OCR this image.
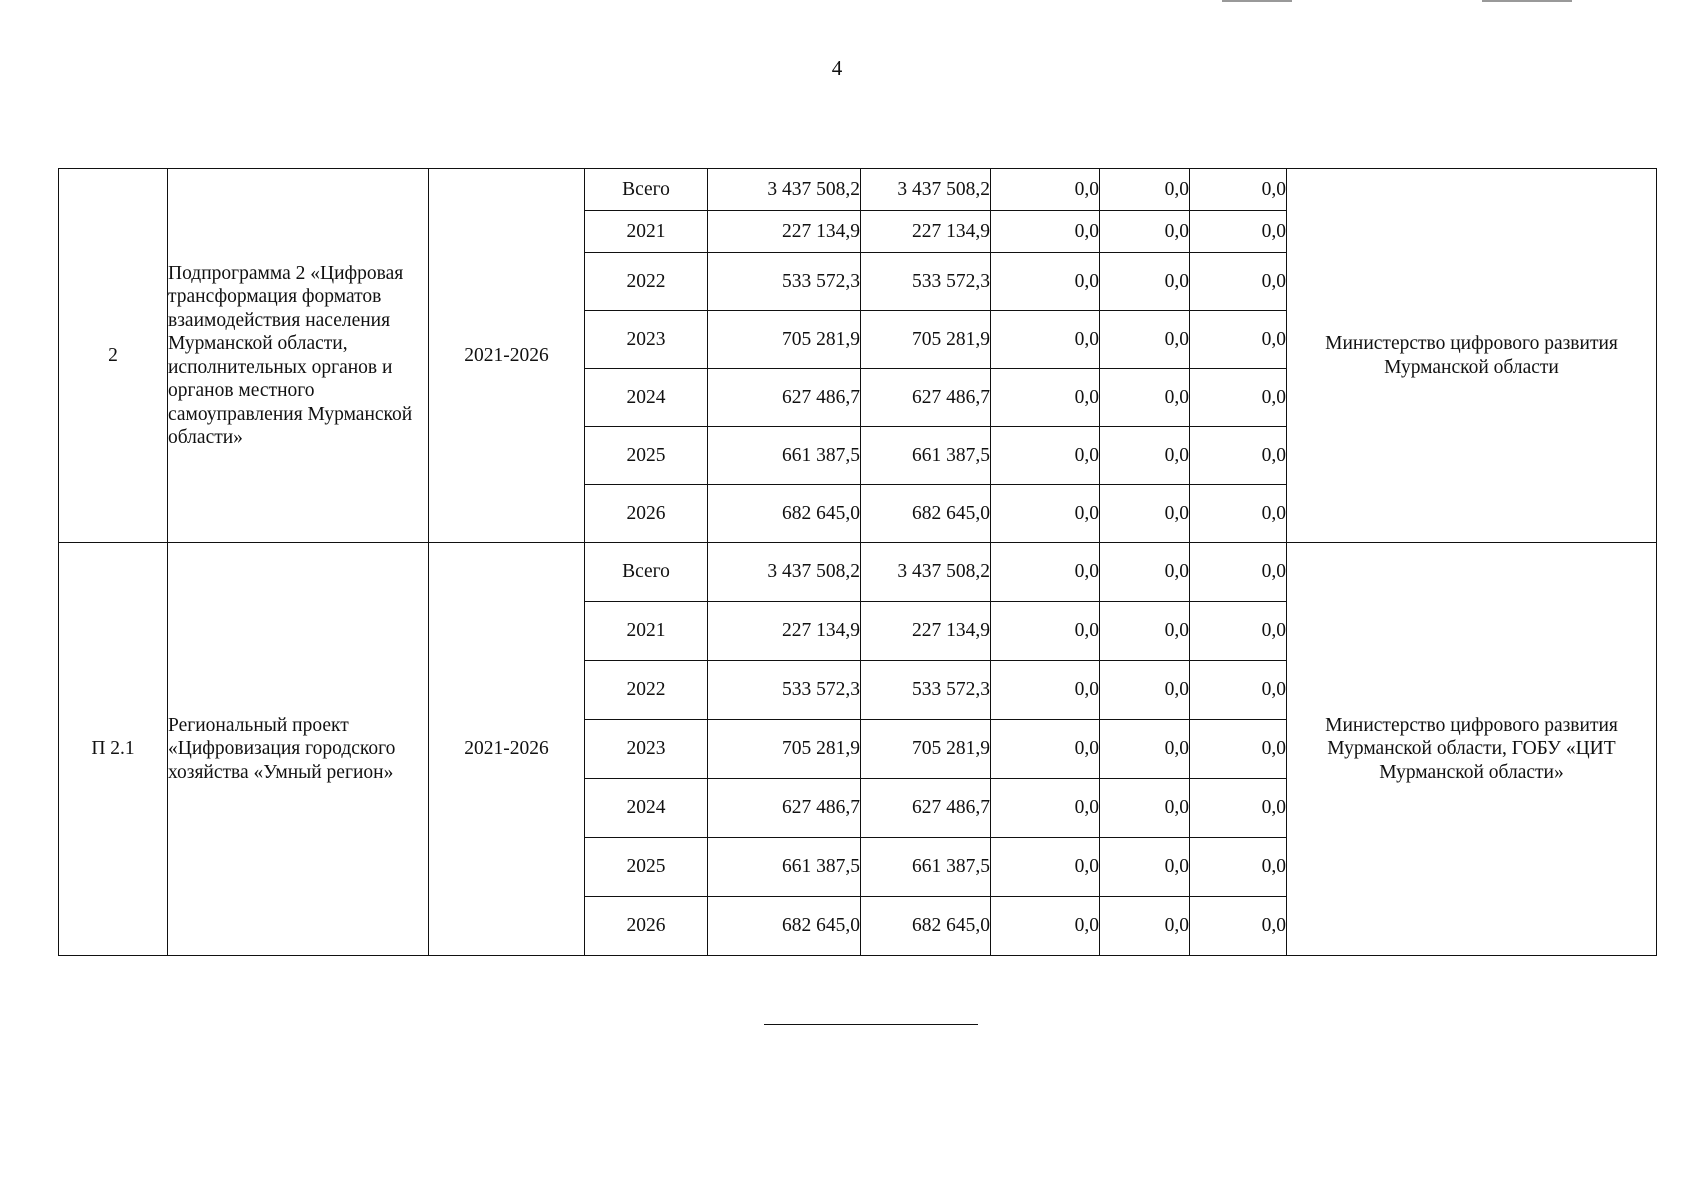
4
2	Подпрограмма 2 «Цифровая трансформация форматов взаимодействия населения Мурманской области, исполнительных органов и органов местного самоуправления Мурманской области»	2021-2026	Всего	3 437 508,2	3 437 508,2	0,0	0,0	0,0	Министерство цифрового развития Мурманской области
			2021	227 134,9	227 134,9	0,0	0,0	0,0	
			2022	533 572,3	533 572,3	0,0	0,0	0,0	
			2023	705 281,9	705 281,9	0,0	0,0	0,0	
			2024	627 486,7	627 486,7	0,0	0,0	0,0	
			2025	661 387,5	661 387,5	0,0	0,0	0,0	
			2026	682 645,0	682 645,0	0,0	0,0	0,0	
П 2.1	Региональный проект «Цифровизация городского хозяйства «Умный регион»	2021-2026	Всего	3 437 508,2	3 437 508,2	0,0	0,0	0,0	Министерство цифрового развития Мурманской области, ГОБУ «ЦИТ Мурманской области»
			2021	227 134,9	227 134,9	0,0	0,0	0,0	
			2022	533 572,3	533 572,3	0,0	0,0	0,0	
			2023	705 281,9	705 281,9	0,0	0,0	0,0	
			2024	627 486,7	627 486,7	0,0	0,0	0,0	
			2025	661 387,5	661 387,5	0,0	0,0	0,0	
			2026	682 645,0	682 645,0	0,0	0,0	0,0	
